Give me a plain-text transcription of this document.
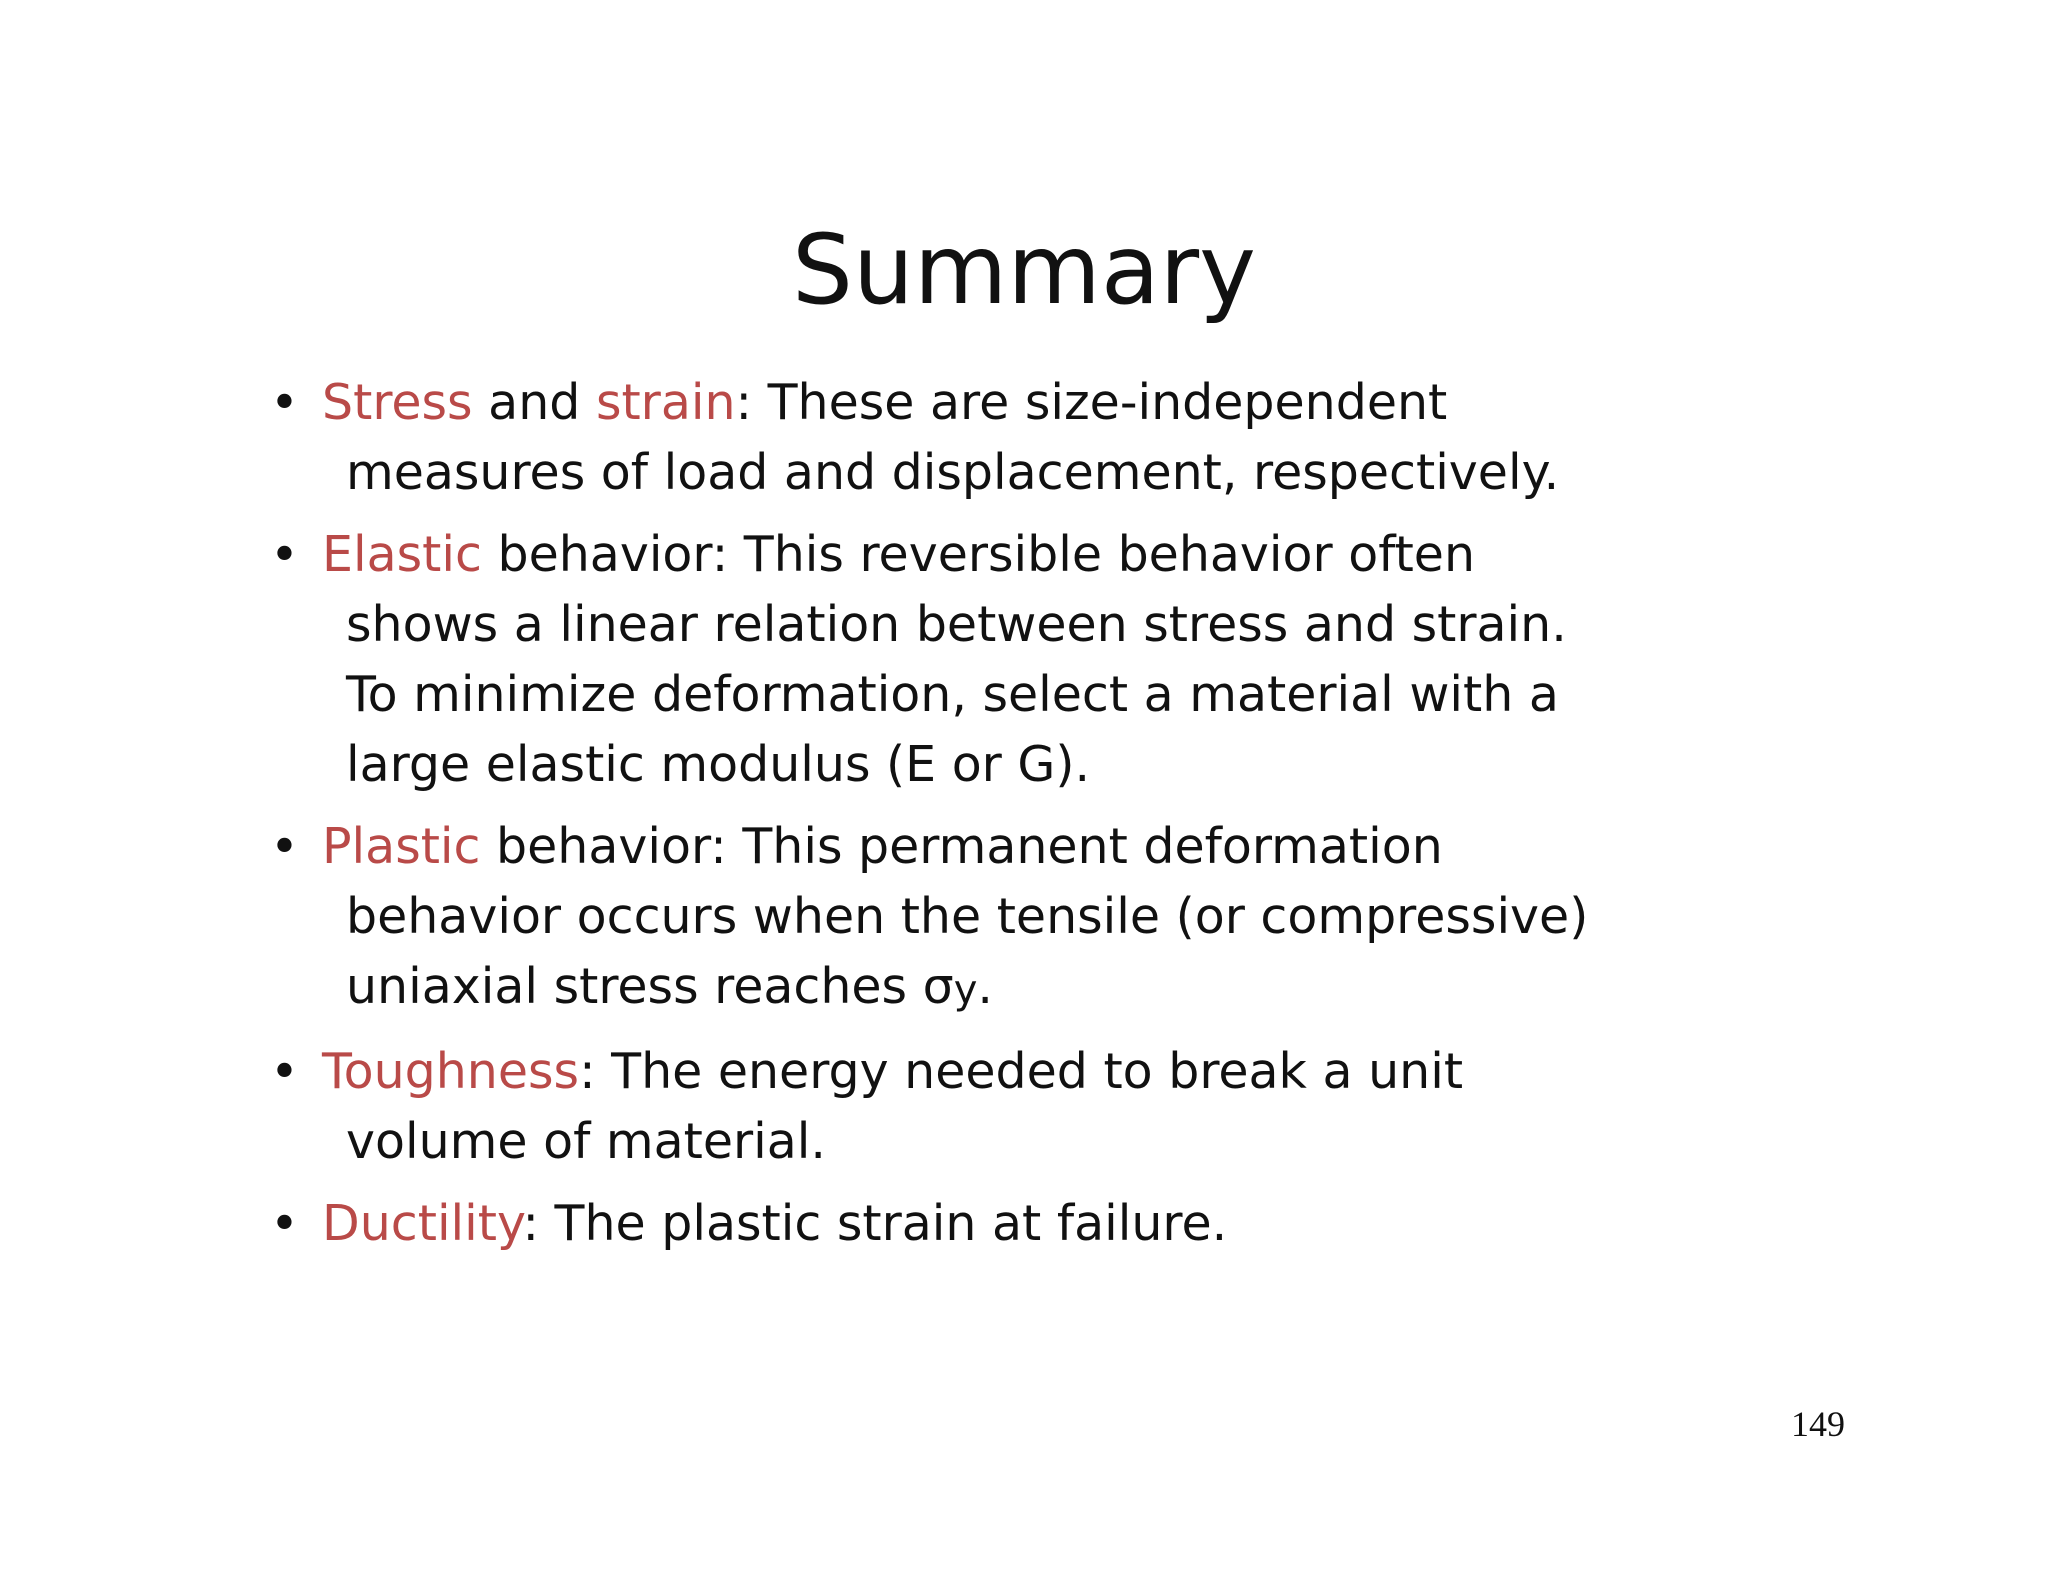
Summary
• Stress and strain: These are size-independent
measures of load and displacement, respectively.
• Elastic behavior: This reversible behavior often
shows a linear relation between stress and strain.
To minimize deformation, select a material with a
large elastic modulus (E or G).
• Plastic behavior: This permanent deformation
behavior occurs when the tensile (or compressive)
uniaxial stress reaches σy.
• Toughness: The energy needed to break a unit
volume of material.
• Ductility: The plastic strain at failure.
149
